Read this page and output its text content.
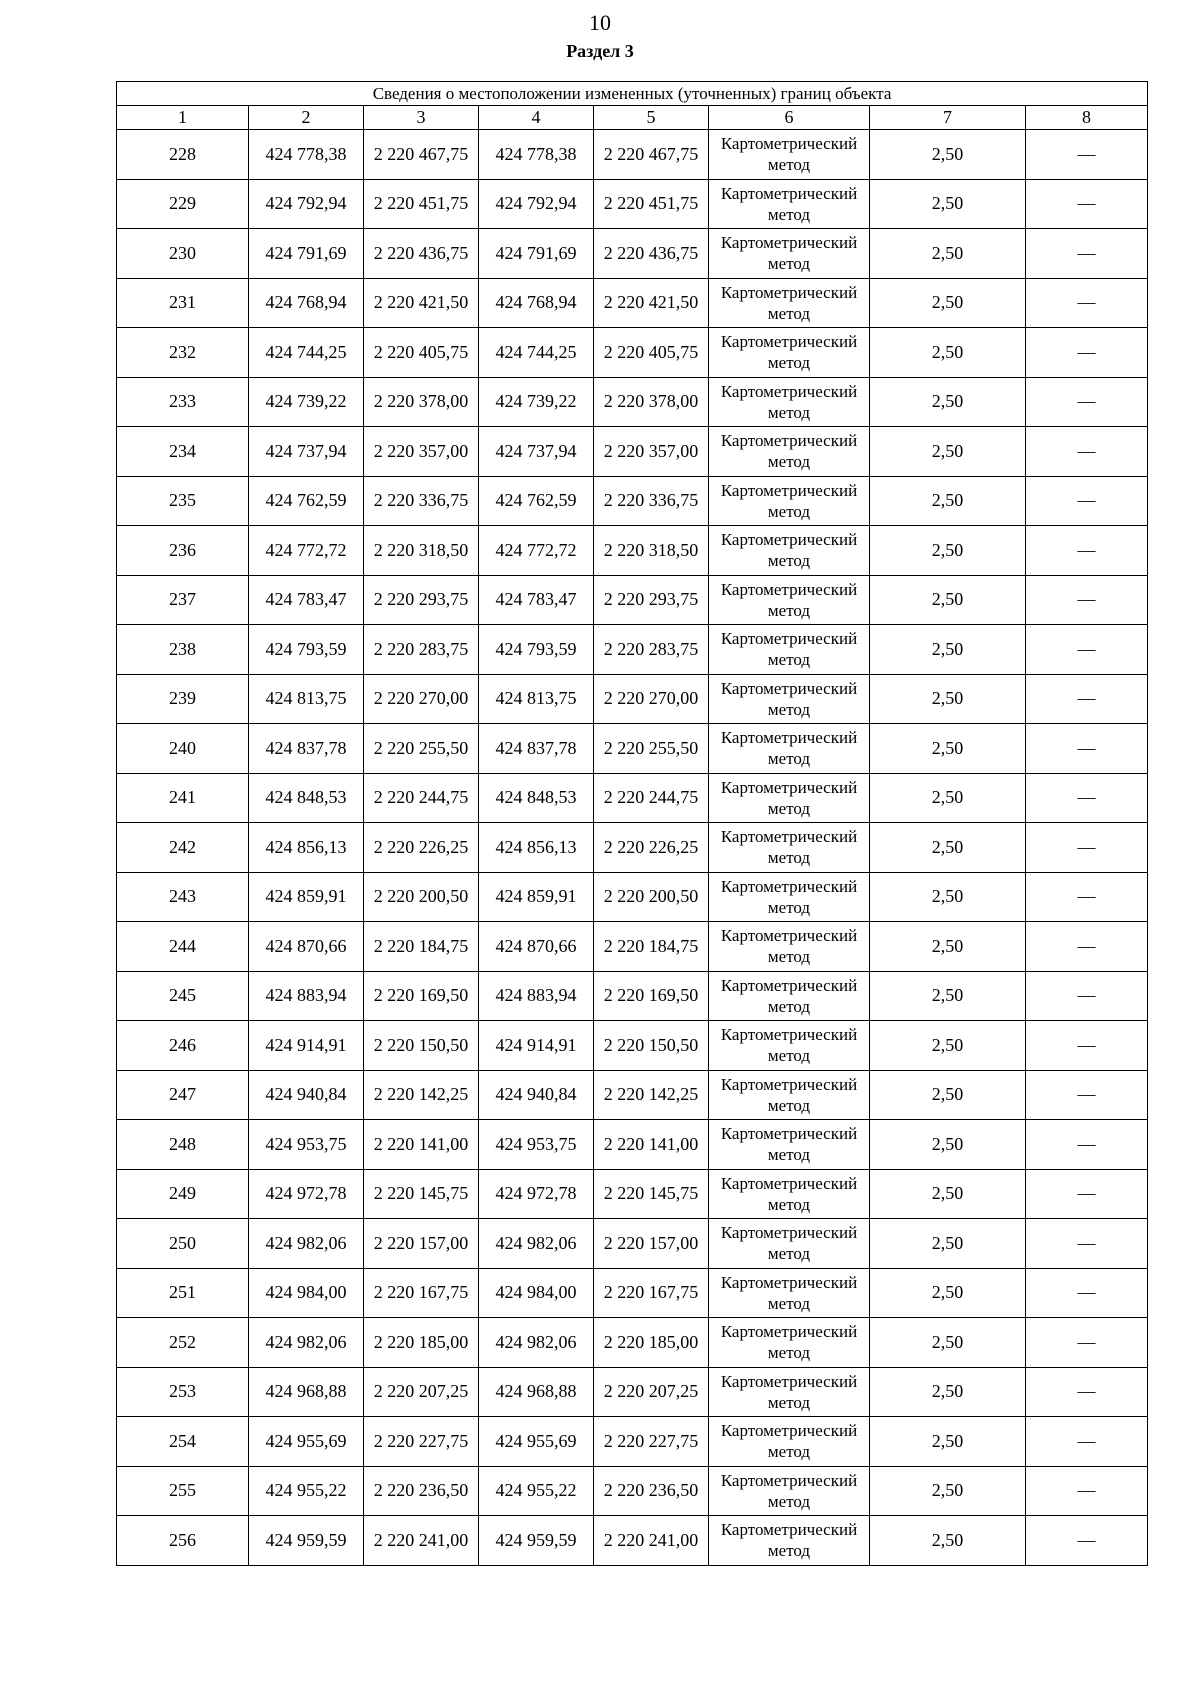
10
Раздел 3
Сведения о местоположении измененных (уточненных) границ объекта							
1	2	3	4	5	6	7	8
228	424 778,38	2 220 467,75	424 778,38	2 220 467,75	Картометрический метод	2,50	—
229	424 792,94	2 220 451,75	424 792,94	2 220 451,75	Картометрический метод	2,50	—
230	424 791,69	2 220 436,75	424 791,69	2 220 436,75	Картометрический метод	2,50	—
231	424 768,94	2 220 421,50	424 768,94	2 220 421,50	Картометрический метод	2,50	—
232	424 744,25	2 220 405,75	424 744,25	2 220 405,75	Картометрический метод	2,50	—
233	424 739,22	2 220 378,00	424 739,22	2 220 378,00	Картометрический метод	2,50	—
234	424 737,94	2 220 357,00	424 737,94	2 220 357,00	Картометрический метод	2,50	—
235	424 762,59	2 220 336,75	424 762,59	2 220 336,75	Картометрический метод	2,50	—
236	424 772,72	2 220 318,50	424 772,72	2 220 318,50	Картометрический метод	2,50	—
237	424 783,47	2 220 293,75	424 783,47	2 220 293,75	Картометрический метод	2,50	—
238	424 793,59	2 220 283,75	424 793,59	2 220 283,75	Картометрический метод	2,50	—
239	424 813,75	2 220 270,00	424 813,75	2 220 270,00	Картометрический метод	2,50	—
240	424 837,78	2 220 255,50	424 837,78	2 220 255,50	Картометрический метод	2,50	—
241	424 848,53	2 220 244,75	424 848,53	2 220 244,75	Картометрический метод	2,50	—
242	424 856,13	2 220 226,25	424 856,13	2 220 226,25	Картометрический метод	2,50	—
243	424 859,91	2 220 200,50	424 859,91	2 220 200,50	Картометрический метод	2,50	—
244	424 870,66	2 220 184,75	424 870,66	2 220 184,75	Картометрический метод	2,50	—
245	424 883,94	2 220 169,50	424 883,94	2 220 169,50	Картометрический метод	2,50	—
246	424 914,91	2 220 150,50	424 914,91	2 220 150,50	Картометрический метод	2,50	—
247	424 940,84	2 220 142,25	424 940,84	2 220 142,25	Картометрический метод	2,50	—
248	424 953,75	2 220 141,00	424 953,75	2 220 141,00	Картометрический метод	2,50	—
249	424 972,78	2 220 145,75	424 972,78	2 220 145,75	Картометрический метод	2,50	—
250	424 982,06	2 220 157,00	424 982,06	2 220 157,00	Картометрический метод	2,50	—
251	424 984,00	2 220 167,75	424 984,00	2 220 167,75	Картометрический метод	2,50	—
252	424 982,06	2 220 185,00	424 982,06	2 220 185,00	Картометрический метод	2,50	—
253	424 968,88	2 220 207,25	424 968,88	2 220 207,25	Картометрический метод	2,50	—
254	424 955,69	2 220 227,75	424 955,69	2 220 227,75	Картометрический метод	2,50	—
255	424 955,22	2 220 236,50	424 955,22	2 220 236,50	Картометрический метод	2,50	—
256	424 959,59	2 220 241,00	424 959,59	2 220 241,00	Картометрический метод	2,50	—
